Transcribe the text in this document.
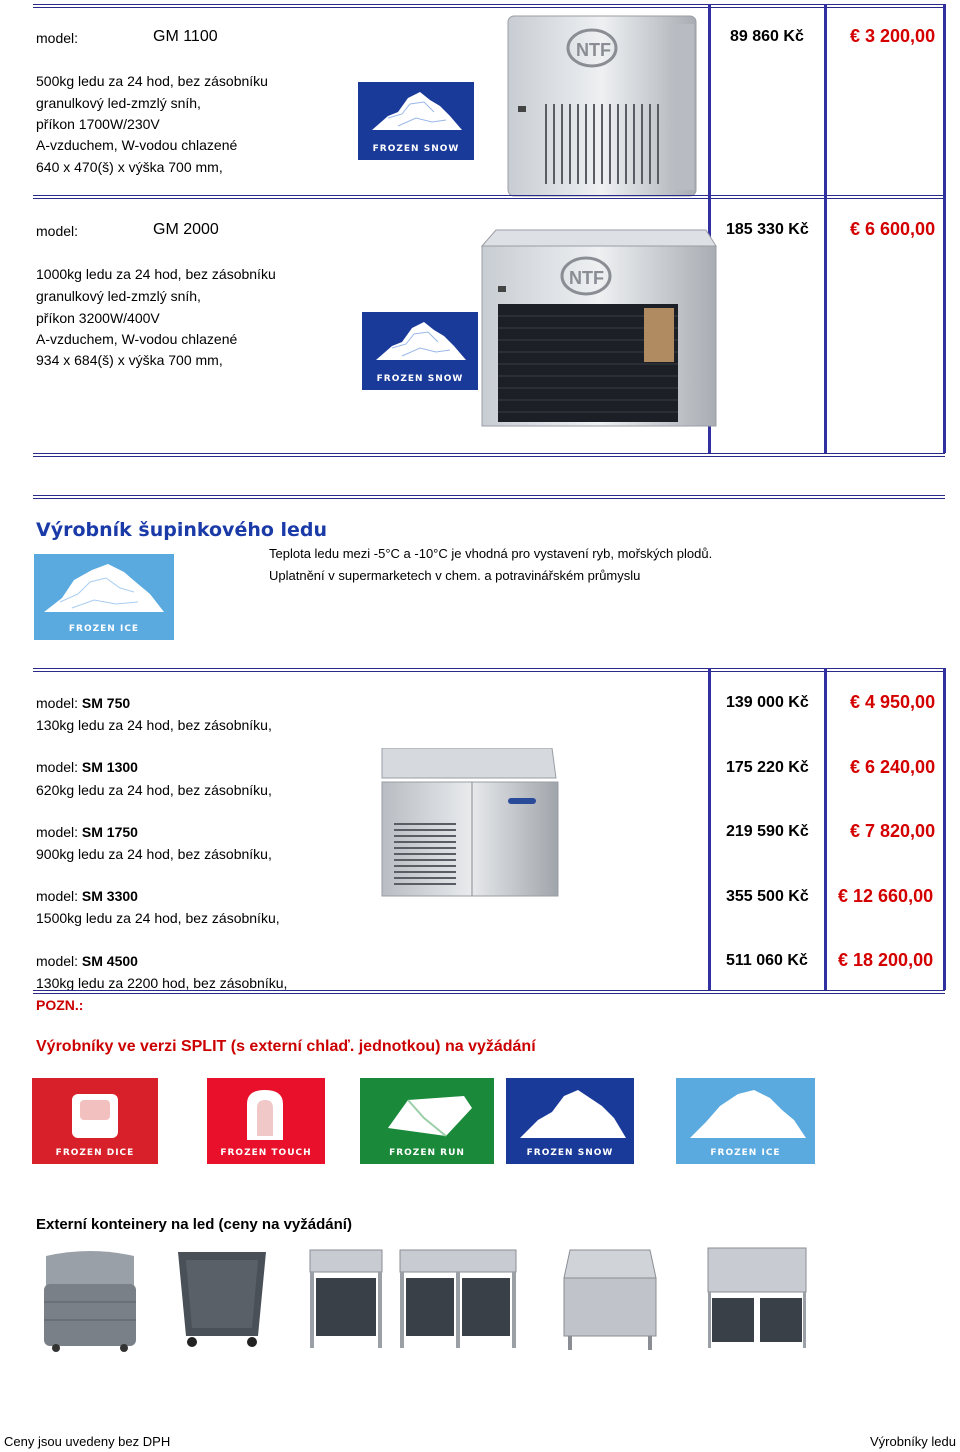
model:	GM 1100	89 860 Kč	€ 3 200,00
500kg ledu za 24 hod, bez zásobníku
granulkový led-zmzlý sníh,
příkon 1700W/230V
A-vzduchem, W-vodou chlazené
640 x 470(š) x výška 700 mm,
FROZEN SNOW
NTF
model:	GM 2000	185 330 Kč € 6 600,00
1000kg ledu za 24 hod, bez zásobníku
granulkový led-zmzlý sníh,
příkon 3200W/400V
A-vzduchem, W-vodou chlazené
934 x 684(š) x výška 700 mm,
FROZEN SNOW
NTF
Výrobník šupinkového ledu
Teplota ledu mezi -5°C a -10°C je vhodná pro vystavení ryb, mořských plodů.
Uplatnění v supermarketech v chem. a potravinářském průmyslu
FROZEN ICE
model: SM 750
130kg ledu za 24 hod, bez zásobníku,
139 000 Kč € 4 950,00
model: SM 1300
620kg ledu za 24 hod, bez zásobníku,
175 220 Kč € 6 240,00
model: SM 1750
900kg ledu za 24 hod, bez zásobníku,
219 590 Kč € 7 820,00
model: SM 3300
1500kg ledu za 24 hod, bez zásobníku,
355 500 Kč € 12 660,00
model: SM 4500
130kg ledu za 2200 hod, bez zásobníku,
511 060 Kč € 18 200,00
POZN.:
Výrobníky ve verzi SPLIT (s externí chlaď. jednotkou) na vyžádání
FROZEN DICE	FROZEN TOUCH	FROZEN RUN	FROZEN SNOW	FROZEN ICE
Externí konteinery na led (ceny na vyžádání)
Ceny jsou uvedeny bez DPH	Výrobníky ledu
